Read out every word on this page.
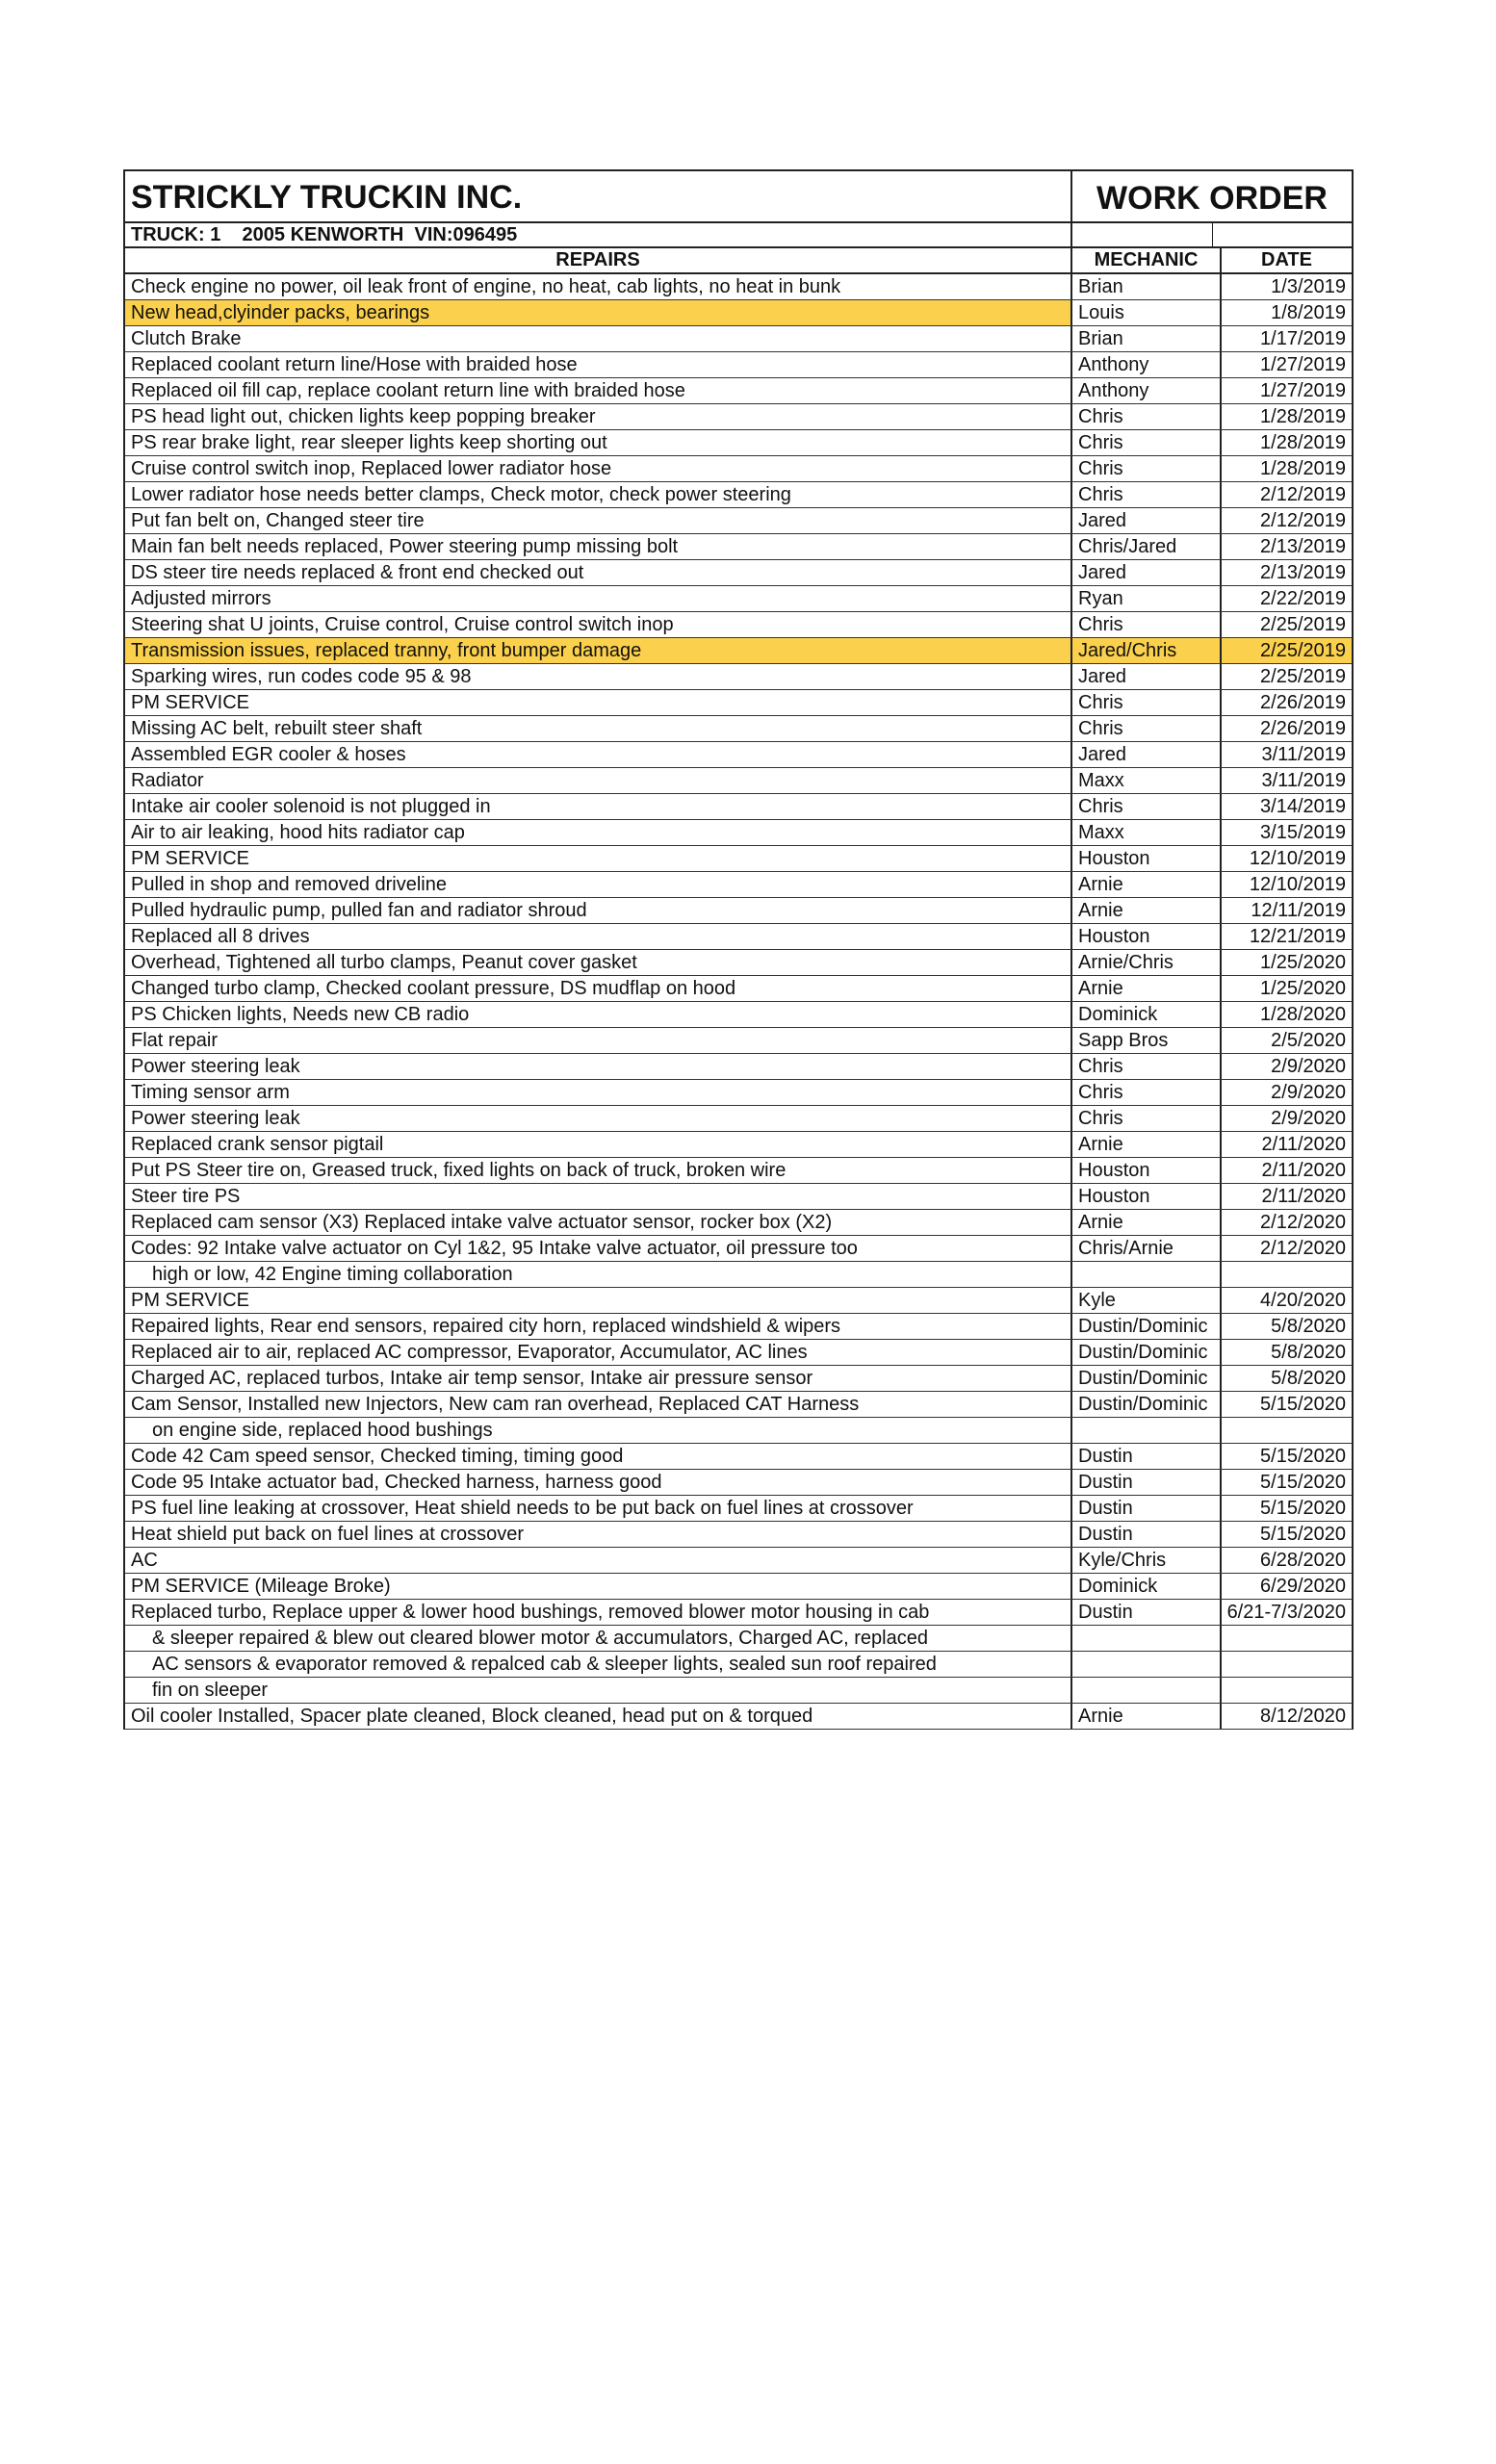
STRICKLY TRUCKIN INC.	WORK ORDER
TRUCK: 1    2005 KENWORTH  VIN:096495
REPAIRS	MECHANIC	DATE
Check engine no power, oil leak front of engine, no heat, cab lights, no heat in bunk	Brian	1/3/2019
New head,clyinder packs, bearings	Louis	1/8/2019
Clutch Brake	Brian	1/17/2019
Replaced coolant return line/Hose with braided hose	Anthony	1/27/2019
Replaced oil fill cap, replace coolant return line with braided hose	Anthony	1/27/2019
PS head light out, chicken lights keep popping breaker	Chris	1/28/2019
PS rear brake light, rear sleeper lights keep shorting out	Chris	1/28/2019
Cruise control switch inop, Replaced lower radiator hose	Chris	1/28/2019
Lower radiator hose needs better clamps, Check motor, check power steering	Chris	2/12/2019
Put fan belt on, Changed steer tire	Jared	2/12/2019
Main fan belt needs replaced, Power steering pump missing bolt	Chris/Jared	2/13/2019
DS steer tire needs replaced & front end checked out	Jared	2/13/2019
Adjusted mirrors	Ryan	2/22/2019
Steering shat U joints, Cruise control, Cruise control switch inop	Chris	2/25/2019
Transmission issues, replaced tranny, front bumper damage	Jared/Chris	2/25/2019
Sparking wires, run codes code 95 & 98	Jared	2/25/2019
PM SERVICE	Chris	2/26/2019
Missing AC belt, rebuilt steer shaft	Chris	2/26/2019
Assembled EGR cooler & hoses	Jared	3/11/2019
Radiator	Maxx	3/11/2019
Intake air cooler solenoid is not plugged in	Chris	3/14/2019
Air to air leaking, hood hits radiator cap	Maxx	3/15/2019
PM SERVICE	Houston	12/10/2019
Pulled in shop and removed driveline	Arnie	12/10/2019
Pulled hydraulic pump, pulled fan and radiator shroud	Arnie	12/11/2019
Replaced all 8 drives	Houston	12/21/2019
Overhead, Tightened all turbo clamps, Peanut cover gasket	Arnie/Chris	1/25/2020
Changed turbo clamp, Checked coolant pressure, DS mudflap on hood	Arnie	1/25/2020
PS Chicken lights, Needs new CB radio	Dominick	1/28/2020
Flat repair	Sapp Bros	2/5/2020
Power steering leak	Chris	2/9/2020
Timing sensor arm	Chris	2/9/2020
Power steering leak	Chris	2/9/2020
Replaced crank sensor pigtail	Arnie	2/11/2020
Put PS Steer tire on, Greased truck, fixed lights on back of truck, broken wire	Houston	2/11/2020
Steer tire PS	Houston	2/11/2020
Replaced cam sensor (X3) Replaced intake valve actuator sensor, rocker box (X2)	Arnie	2/12/2020
Codes: 92 Intake valve actuator on Cyl 1&2, 95 Intake valve actuator, oil pressure too	Chris/Arnie	2/12/2020
high or low, 42 Engine timing collaboration
PM SERVICE	Kyle	4/20/2020
Repaired lights, Rear end sensors, repaired city horn, replaced windshield & wipers	Dustin/Dominic	5/8/2020
Replaced air to air, replaced AC compressor, Evaporator, Accumulator, AC lines	Dustin/Dominic	5/8/2020
Charged AC, replaced turbos, Intake air temp sensor, Intake air pressure sensor	Dustin/Dominic	5/8/2020
Cam Sensor, Installed new Injectors, New cam ran overhead, Replaced CAT Harness	Dustin/Dominic	5/15/2020
on engine side, replaced hood bushings
Code 42 Cam speed sensor, Checked timing, timing good	Dustin	5/15/2020
Code 95 Intake actuator bad, Checked harness, harness good	Dustin	5/15/2020
PS fuel line leaking at crossover, Heat shield needs to be put back on fuel lines at crossover	Dustin	5/15/2020
Heat shield put back on fuel lines at crossover	Dustin	5/15/2020
AC	Kyle/Chris	6/28/2020
PM SERVICE (Mileage Broke)	Dominick	6/29/2020
Replaced turbo, Replace upper & lower hood bushings, removed blower motor housing in cab	Dustin	6/21-7/3/2020
& sleeper repaired & blew out cleared blower motor & accumulators, Charged AC, replaced
AC sensors & evaporator removed & repalced cab & sleeper lights, sealed sun roof repaired
fin on sleeper
Oil cooler Installed, Spacer plate cleaned, Block cleaned, head put on & torqued	Arnie	8/12/2020
